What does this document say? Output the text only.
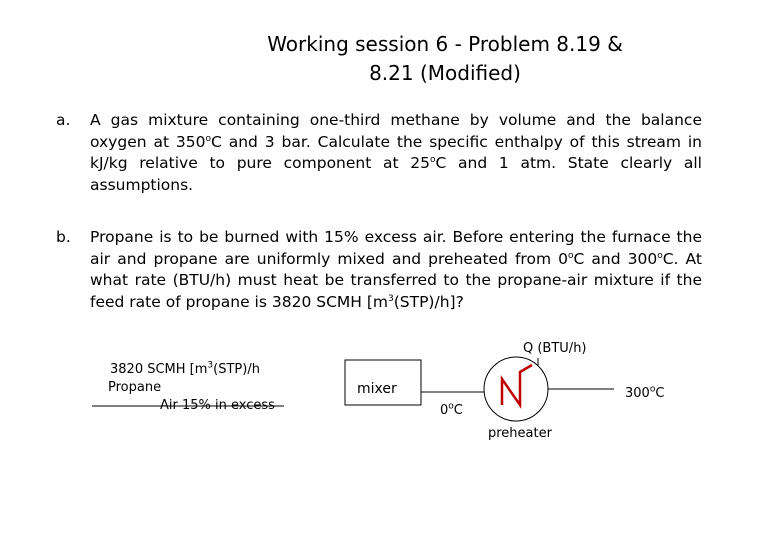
Working session 6 - Problem 8.19 &
8.21 (Modified)
a. A gas mixture containing one-third methane by volume and the balance oxygen at 350$^o$C and 3 bar. Calculate the specific enthalpy of this stream in kJ/kg relative to pure component at 25$^o$C and 1 atm. State clearly all assumptions.
b. Propane is to be burned with 15% excess air. Before entering the furnace the air and propane are uniformly mixed and preheated from 0$^o$C and 300$^o$C. At what rate (BTU/h) must heat be transferred to the propane-air mixture if the feed rate of propane is 3820 SCMH $[m^3(STP)/h]$?
3820 SCMH [$m^3(STP)/h$
Propane
Air 15% in excess
mixer
0$^o$C
Q (BTU/h)
preheater
300$^o$C
